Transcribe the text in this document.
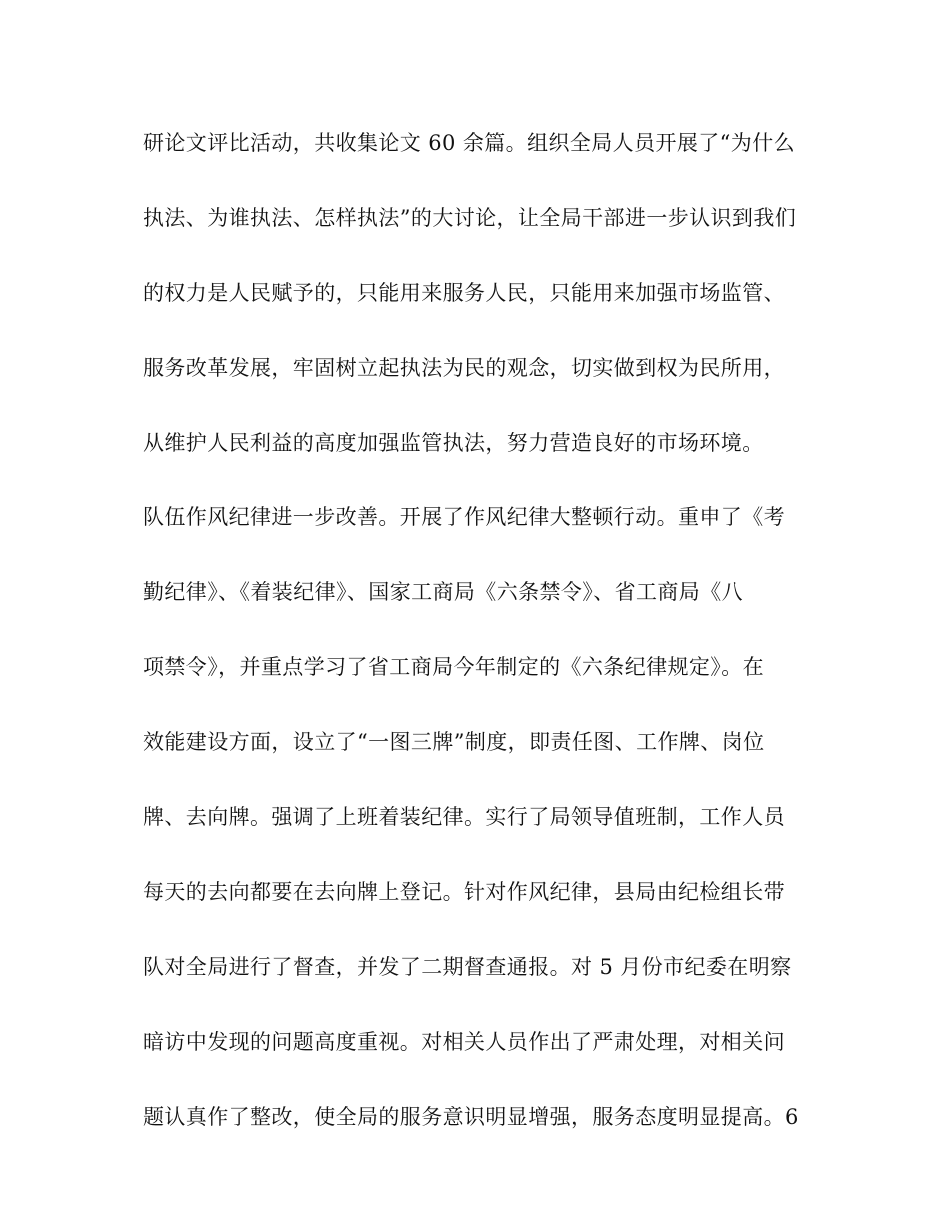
研论文评比活动，共收集论文 60 余篇。组织全局人员开展了“为什么
执法、为谁执法、怎样执法”的大讨论，让全局干部进一步认识到我们
的权力是人民赋予的，只能用来服务人民，只能用来加强市场监管、
服务改革发展，牢固树立起执法为民的观念，切实做到权为民所用，
从维护人民利益的高度加强监管执法，努力营造良好的市场环境。
队伍作风纪律进一步改善。开展了作风纪律大整顿行动。重申了《考
勤纪律》、《着装纪律》、国家工商局《六条禁令》、省工商局《八
项禁令》，并重点学习了省工商局今年制定的《六条纪律规定》。在
效能建设方面，设立了“一图三牌”制度，即责任图、工作牌、岗位
牌、去向牌。强调了上班着装纪律。实行了局领导值班制，工作人员
每天的去向都要在去向牌上登记。针对作风纪律，县局由纪检组长带
队对全局进行了督查，并发了二期督查通报。对 5 月份市纪委在明察
暗访中发现的问题高度重视。对相关人员作出了严肃处理，对相关问
题认真作了整改，使全局的服务意识明显增强，服务态度明显提高。6
